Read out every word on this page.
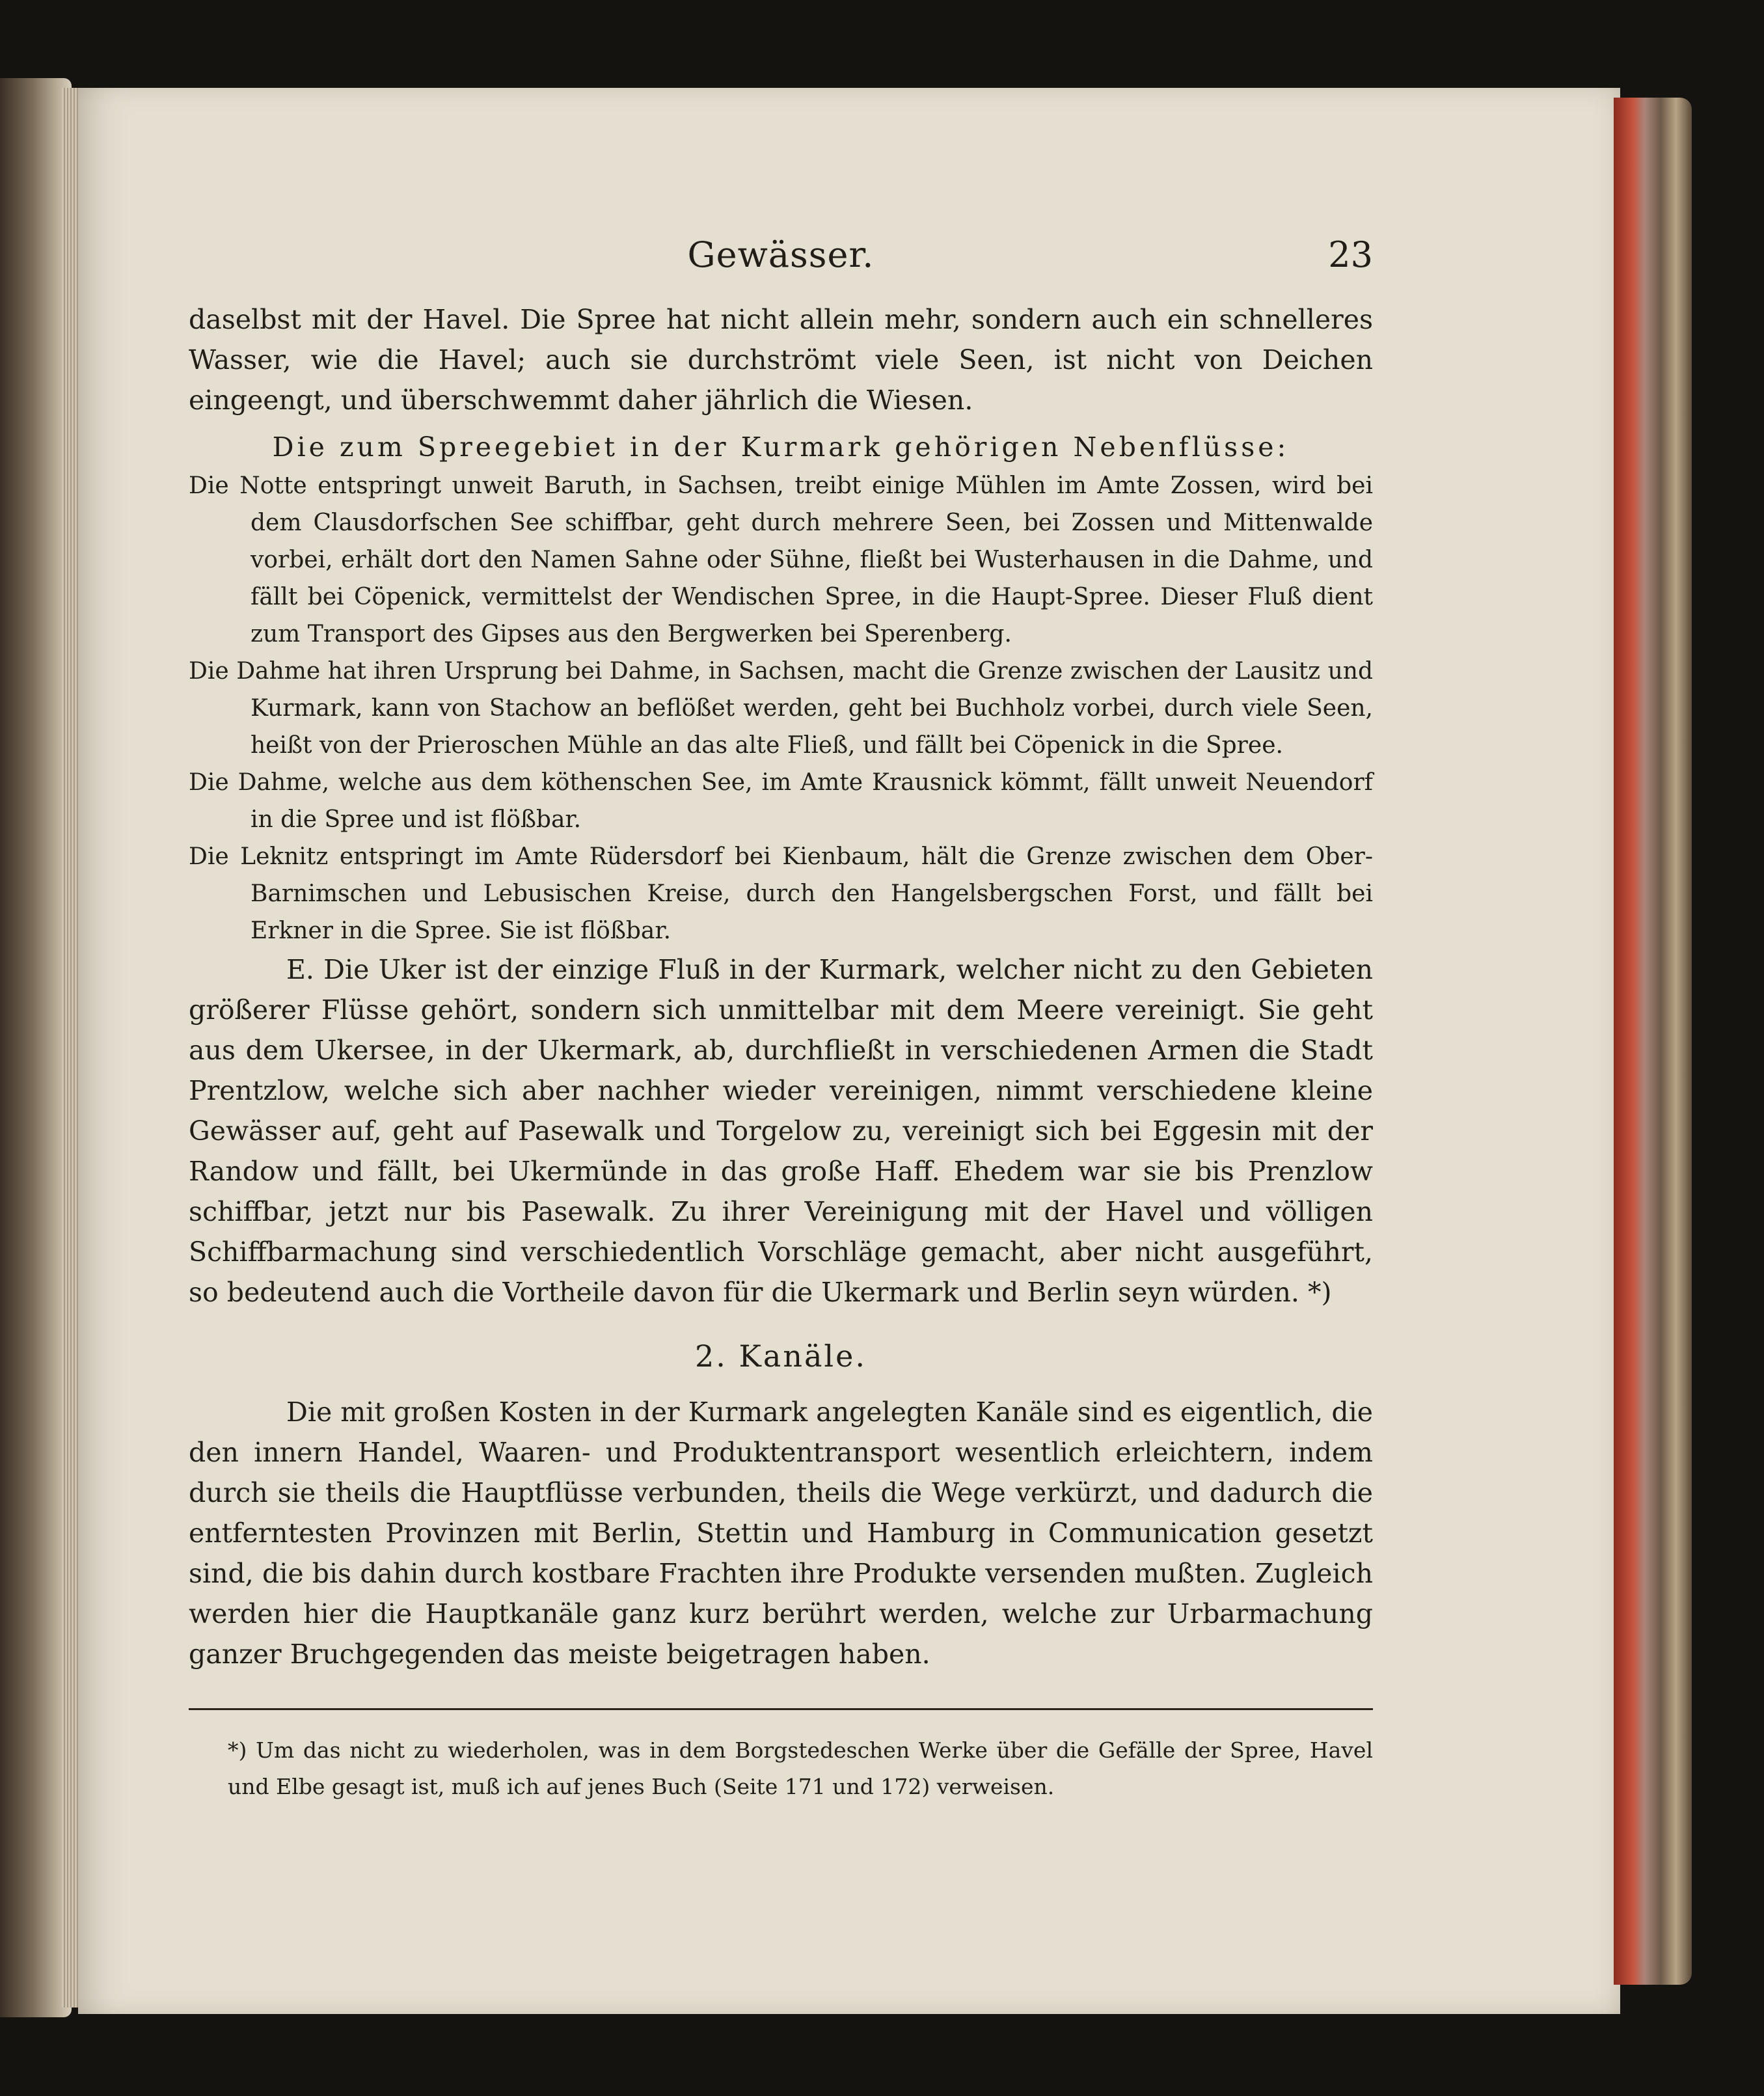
Gewässer.	23

daselbst mit der Havel. Die Spree hat nicht allein mehr, sondern auch ein schnelleres Wasser, wie die Havel; auch sie durchströmt viele Seen, ist nicht von Deichen eingeengt, und überschwemmt daher jährlich die Wiesen.

Die zum Spreegebiet in der Kurmark gehörigen Nebenflüsse:

Die Notte entspringt unweit Baruth, in Sachsen, treibt einige Mühlen im Amte Zossen, wird bei dem Clausdorfschen See schiffbar, geht durch mehrere Seen, bei Zossen und Mittenwalde vorbei, erhält dort den Namen Sahne oder Sühne, fließt bei Wusterhausen in die Dahme, und fällt bei Cöpenick, vermittelst der Wendischen Spree, in die Haupt-Spree. Dieser Fluß dient zum Transport des Gipses aus den Bergwerken bei Sperenberg.

Die Dahme hat ihren Ursprung bei Dahme, in Sachsen, macht die Grenze zwischen der Lausitz und Kurmark, kann von Stachow an beflößet werden, geht bei Buchholz vorbei, durch viele Seen, heißt von der Prieroschen Mühle an das alte Fließ, und fällt bei Cöpenick in die Spree.

Die Dahme, welche aus dem köthenschen See, im Amte Krausnick kömmt, fällt unweit Neuendorf in die Spree und ist flößbar.

Die Leknitz entspringt im Amte Rüdersdorf bei Kienbaum, hält die Grenze zwischen dem Ober-Barnimschen und Lebusischen Kreise, durch den Hangelsbergschen Forst, und fällt bei Erkner in die Spree. Sie ist flößbar.

E. Die Uker ist der einzige Fluß in der Kurmark, welcher nicht zu den Gebieten größerer Flüsse gehört, sondern sich unmittelbar mit dem Meere vereinigt. Sie geht aus dem Ukersee, in der Ukermark, ab, durchfließt in verschiedenen Armen die Stadt Prentzlow, welche sich aber nachher wieder vereinigen, nimmt verschiedene kleine Gewässer auf, geht auf Pasewalk und Torgelow zu, vereinigt sich bei Eggesin mit der Randow und fällt, bei Ukermünde in das große Haff. Ehedem war sie bis Prenzlow schiffbar, jetzt nur bis Pasewalk. Zu ihrer Vereinigung mit der Havel und völligen Schiffbarmachung sind verschiedentlich Vorschläge gemacht, aber nicht ausgeführt, so bedeutend auch die Vortheile davon für die Ukermark und Berlin seyn würden. *)

2. Kanäle.

Die mit großen Kosten in der Kurmark angelegten Kanäle sind es eigentlich, die den innern Handel, Waaren- und Produktentransport wesentlich erleichtern, indem durch sie theils die Hauptflüsse verbunden, theils die Wege verkürzt, und dadurch die entferntesten Provinzen mit Berlin, Stettin und Hamburg in Communication gesetzt sind, die bis dahin durch kostbare Frachten ihre Produkte versenden mußten. Zugleich werden hier die Hauptkanäle ganz kurz berührt werden, welche zur Urbarmachung ganzer Bruchgegenden das meiste beigetragen haben.

*) Um das nicht zu wiederholen, was in dem Borgstedeschen Werke über die Gefälle der Spree, Havel und Elbe gesagt ist, muß ich auf jenes Buch (Seite 171 und 172) verweisen.
